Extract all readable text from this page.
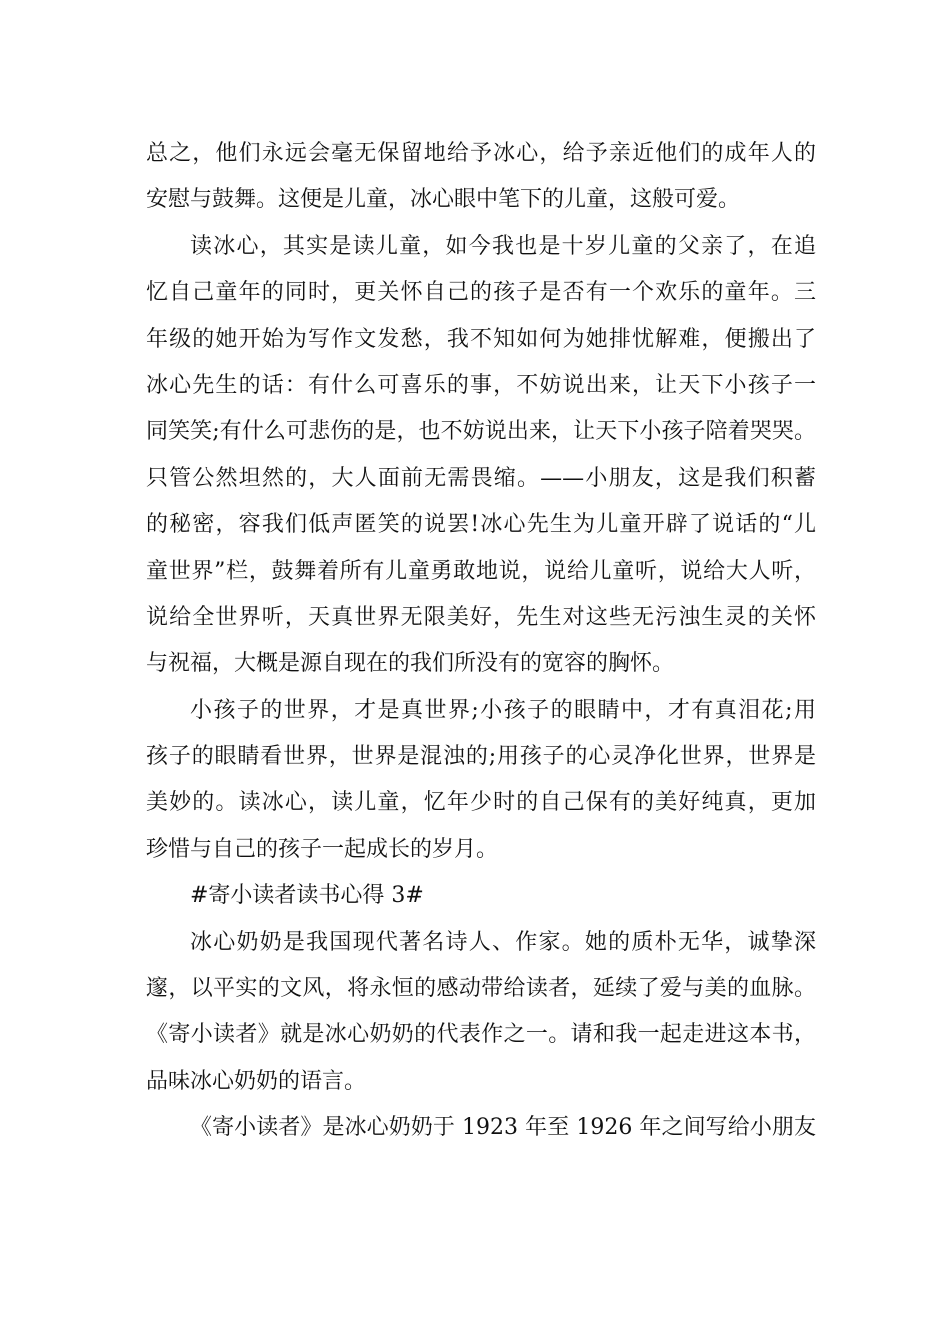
总之，他们永远会毫无保留地给予冰心，给予亲近他们的成年人的
安慰与鼓舞。这便是儿童，冰心眼中笔下的儿童，这般可爱。
读冰心，其实是读儿童，如今我也是十岁儿童的父亲了，在追
忆自己童年的同时，更关怀自己的孩子是否有一个欢乐的童年。三
年级的她开始为写作文发愁，我不知如何为她排忧解难，便搬出了
冰心先生的话：有什么可喜乐的事，不妨说出来，让天下小孩子一
同笑笑;有什么可悲伤的是，也不妨说出来，让天下小孩子陪着哭哭。
只管公然坦然的，大人面前无需畏缩。——小朋友，这是我们积蓄
的秘密，容我们低声匿笑的说罢!冰心先生为儿童开辟了说话的“儿
童世界”栏，鼓舞着所有儿童勇敢地说，说给儿童听，说给大人听，
说给全世界听，天真世界无限美好，先生对这些无污浊生灵的关怀
与祝福，大概是源自现在的我们所没有的宽容的胸怀。
小孩子的世界，才是真世界;小孩子的眼睛中，才有真泪花;用
孩子的眼睛看世界，世界是混浊的;用孩子的心灵净化世界，世界是
美妙的。读冰心，读儿童，忆年少时的自己保有的美好纯真，更加
珍惜与自己的孩子一起成长的岁月。
#寄小读者读书心得 3#
冰心奶奶是我国现代著名诗人、作家。她的质朴无华，诚挚深
邃，以平实的文风，将永恒的感动带给读者，延续了爱与美的血脉。
《寄小读者》就是冰心奶奶的代表作之一。请和我一起走进这本书，
品味冰心奶奶的语言。
《寄小读者》是冰心奶奶于 1923 年至 1926 年之间写给小朋友
